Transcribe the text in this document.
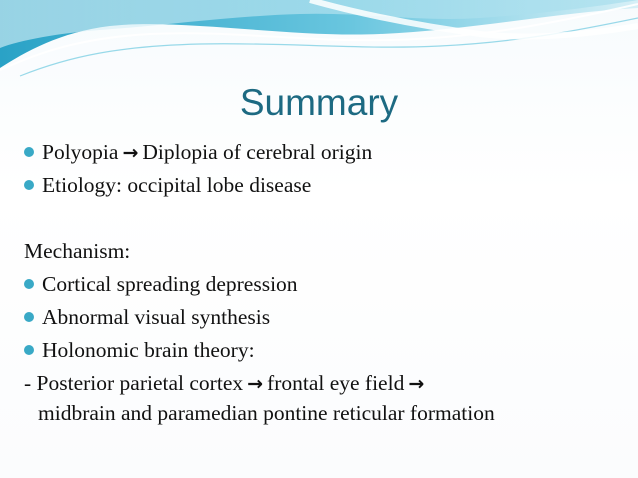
Summary
Polyopia → Diplopia of cerebral origin
Etiology: occipital lobe disease
Mechanism:
Cortical spreading depression
Abnormal visual synthesis
Holonomic brain theory:
- Posterior parietal cortex → frontal eye field →
midbrain and paramedian pontine reticular formation
